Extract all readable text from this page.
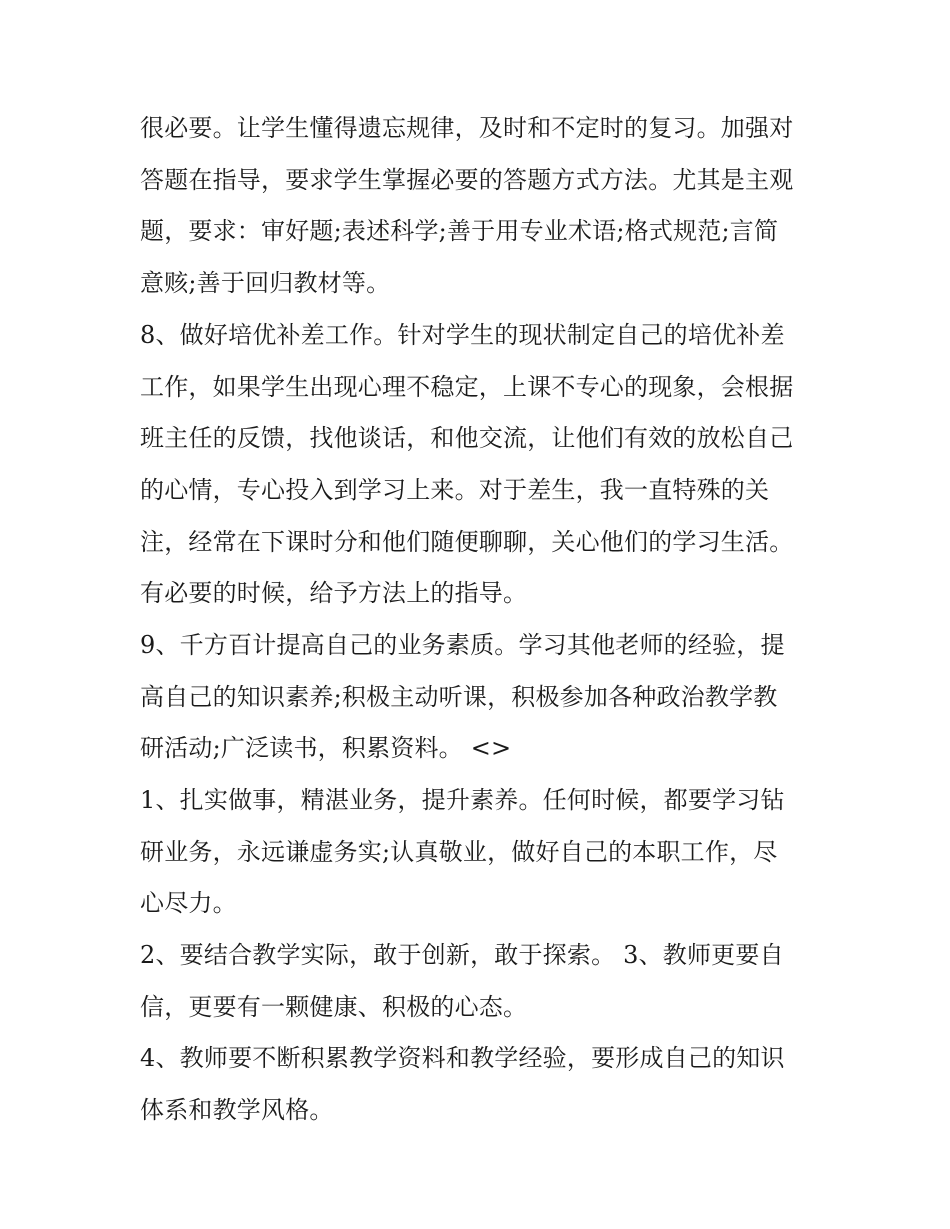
很必要。让学生懂得遗忘规律，及时和不定时的复习。加强对
答题在指导，要求学生掌握必要的答题方式方法。尤其是主观
题，要求：审好题;表述科学;善于用专业术语;格式规范;言简
意赅;善于回归教材等。
8、做好培优补差工作。针对学生的现状制定自己的培优补差
工作，如果学生出现心理不稳定，上课不专心的现象，会根据
班主任的反馈，找他谈话，和他交流，让他们有效的放松自己
的心情，专心投入到学习上来。对于差生，我一直特殊的关
注，经常在下课时分和他们随便聊聊，关心他们的学习生活。
有必要的时候，给予方法上的指导。
9、千方百计提高自己的业务素质。学习其他老师的经验，提
高自己的知识素养;积极主动听课，积极参加各种政治教学教
研活动;广泛读书，积累资料。 <>
1、扎实做事，精湛业务，提升素养。任何时候，都要学习钻
研业务，永远谦虚务实;认真敬业，做好自己的本职工作，尽
心尽力。
2、要结合教学实际，敢于创新，敢于探索。 3、教师更要自
信，更要有一颗健康、积极的心态。
4、教师要不断积累教学资料和教学经验，要形成自己的知识
体系和教学风格。
